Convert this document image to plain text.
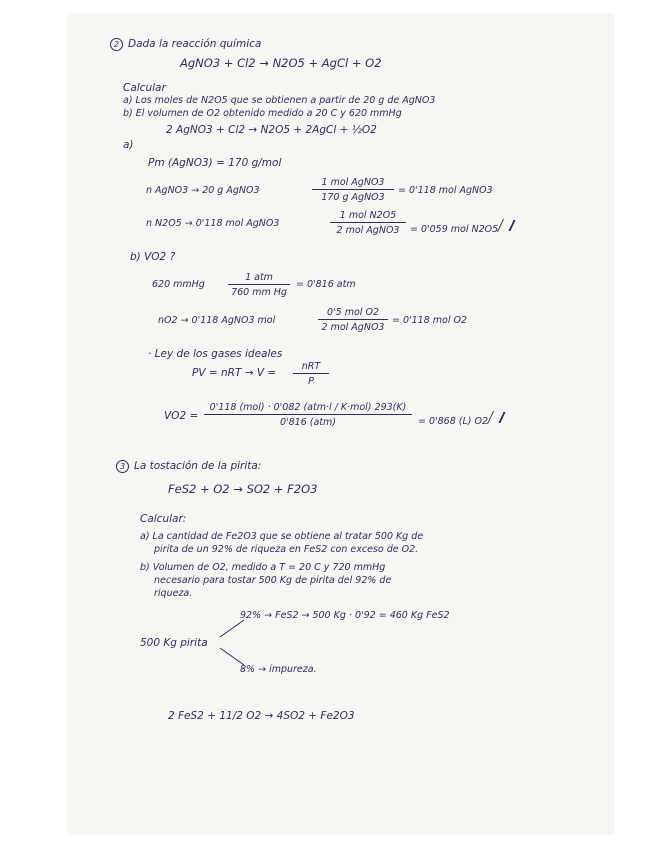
2 Dada la reacción química
AgNO3 + Cl2 → N2O5 + AgCl + O2
Calcular
a) Los moles de N2O5 que se obtienen a partir de 20 g de AgNO3
b) El volumen de O2 obtenido medido a 20 C y 620 mmHg
2 AgNO3 + Cl2 → N2O5 + 2AgCl + ½O2
a)
Pm (AgNO3) = 170 g/mol
n AgNO3 → 20 g AgNO3
1 mol AgNO3
170 g AgNO3
= 0'118 mol AgNO3
n N2O5 → 0'118 mol AgNO3
1 mol N2O5
2 mol AgNO3	= 0'059 mol N2O5
b) VO2 ?
620 mmHg
1 atm
760 mm Hg
= 0'816 atm
nO2 → 0'118 AgNO3 mol
0'5 mol O2
2 mol AgNO3
= 0'118 mol O2
· Ley de los gases ideales
PV = nRT → V =
nRT
P
VO2 =
0'118 (mol) · 0'082 (atm·l / K·mol) 293(K)
0'816 (atm)	= 0'868 (L) O2
3 La tostación de la pirita:
FeS2 + O2 → SO2 + F2O3
Calcular:
a) La cantidad de Fe2O3 que se obtiene al tratar 500 Kg de
pirita de un 92% de riqueza en FeS2 con exceso de O2.
b) Volumen de O2, medido a T = 20 C y 720 mmHg
necesario para tostar 500 Kg de pirita del 92% de
riqueza.
92% → FeS2 → 500 Kg · 0'92 = 460 Kg FeS2
500 Kg pirita
8% → impureza.
2 FeS2 + 11/2 O2 → 4SO2 + Fe2O3
